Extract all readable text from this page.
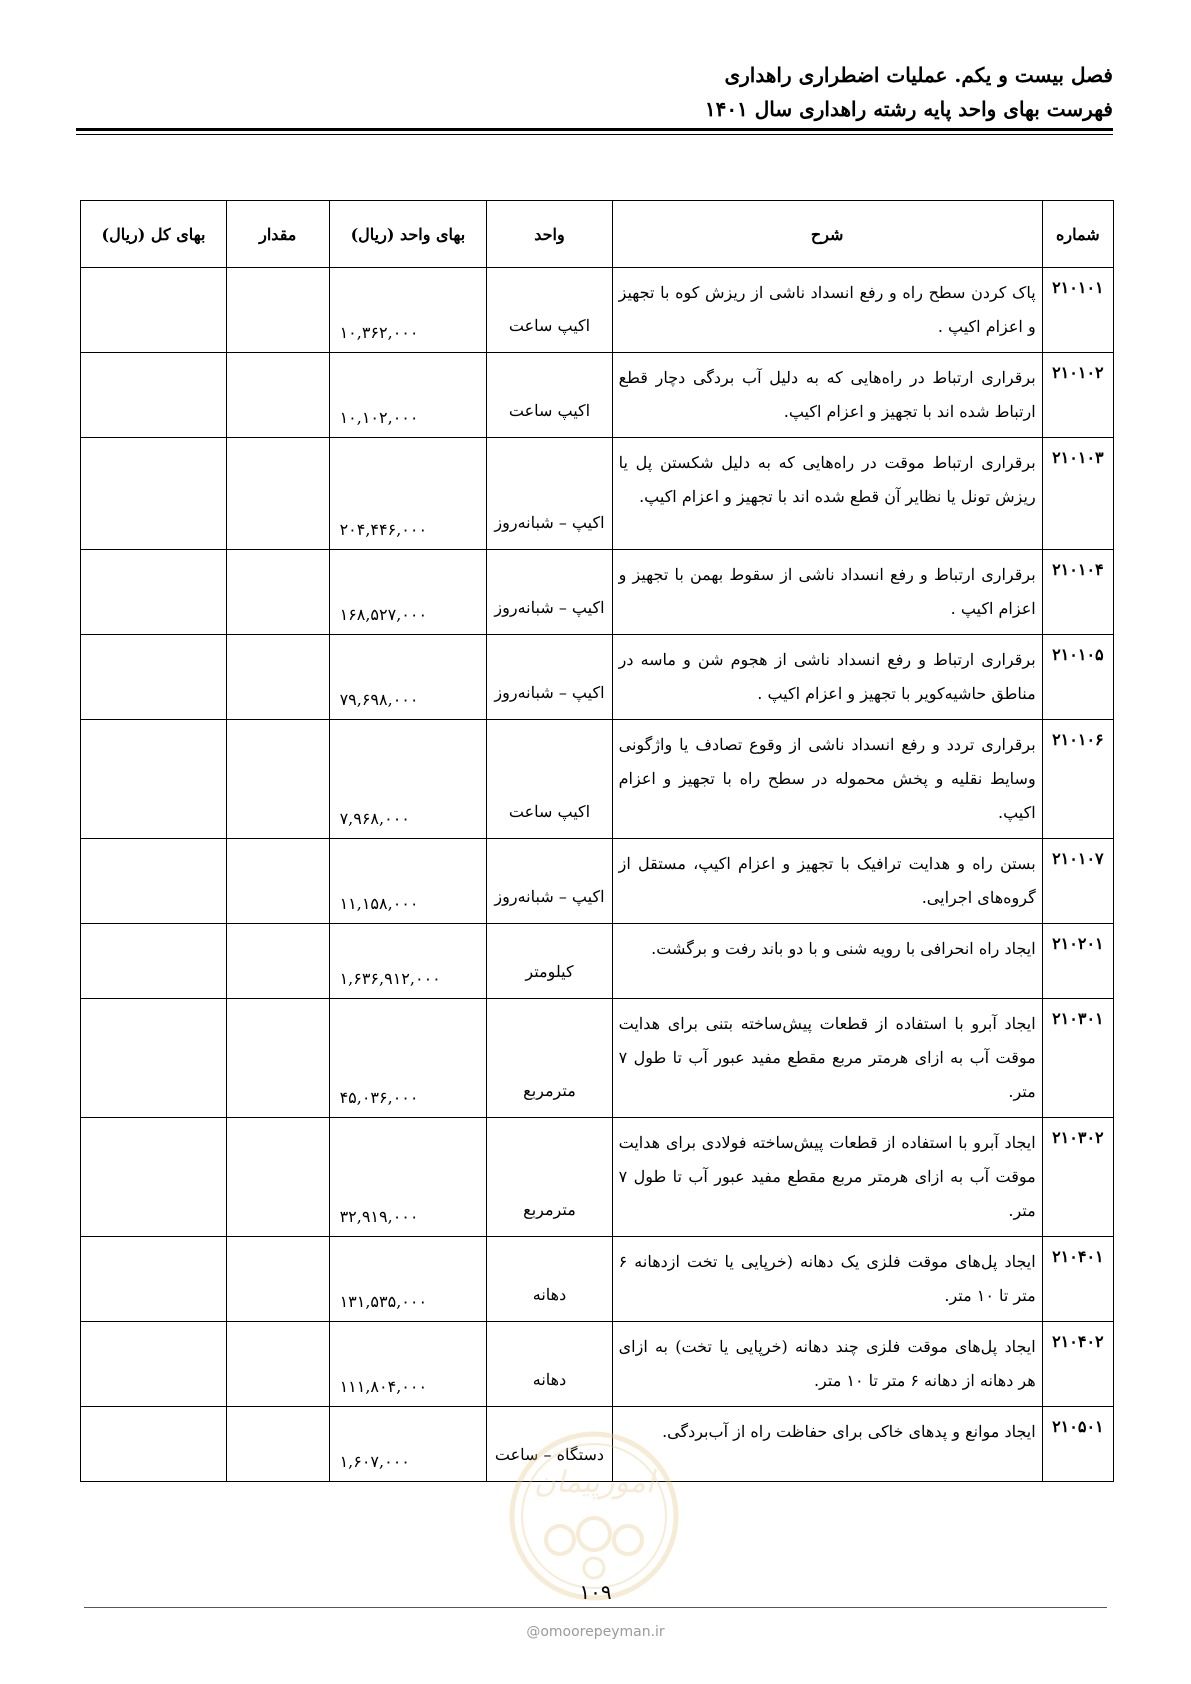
فصل بیست و یکم. عملیات اضطراری راهداری
فهرست بهای واحد پایه رشته راهداری سال ۱۴۰۱
شماره	شرح	واحد	بهای واحد (ریال)	مقدار	بهای کل (ریال)
۲۱۰۱۰۱	پاک کردن سطح راه و رفع انسداد ناشی از ریزش کوه با تجهیز و اعزام اکیپ .	اکیپ ساعت	۱۰,۳۶۲,۰۰۰		
۲۱۰۱۰۲	برقراری ارتباط در راه‌هایی که به دلیل آب بردگی دچار قطع ارتباط شده اند با تجهیز و اعزام اکیپ.	اکیپ ساعت	۱۰,۱۰۲,۰۰۰		
۲۱۰۱۰۳	برقراری ارتباط موقت در راه‌هایی که به دلیل شکستن پل یا ریزش تونل یا نظایر آن قطع شده اند با تجهیز و اعزام اکیپ.	اکیپ – شبانه‌روز	۲۰۴,۴۴۶,۰۰۰		
۲۱۰۱۰۴	برقراری ارتباط و رفع انسداد ناشی از سقوط بهمن با تجهیز و اعزام اکیپ .	اکیپ – شبانه‌روز	۱۶۸,۵۲۷,۰۰۰		
۲۱۰۱۰۵	برقراری ارتباط و رفع انسداد ناشی از هجوم شن و ماسه در مناطق حاشیه‌کویر با تجهیز و اعزام اکیپ .	اکیپ – شبانه‌روز	۷۹,۶۹۸,۰۰۰		
۲۱۰۱۰۶	برقراری تردد و رفع انسداد ناشی از وقوع تصادف یا واژگونی وسایط نقلیه و پخش محموله در سطح راه با تجهیز و اعزام اکیپ.	اکیپ ساعت	۷,۹۶۸,۰۰۰		
۲۱۰۱۰۷	بستن راه و هدایت ترافیک با تجهیز و اعزام اکیپ، مستقل از گروه‌های اجرایی.	اکیپ – شبانه‌روز	۱۱,۱۵۸,۰۰۰		
۲۱۰۲۰۱	ایجاد راه انحرافی با رویه شنی و با دو باند رفت و برگشت.	کیلومتر	۱,۶۳۶,۹۱۲,۰۰۰		
۲۱۰۳۰۱	ایجاد آبرو با استفاده از قطعات پیش‌ساخته بتنی برای هدایت موقت آب به ازای هرمتر مربع مقطع مفید عبور آب تا طول ۷ متر.	مترمربع	۴۵,۰۳۶,۰۰۰		
۲۱۰۳۰۲	ایجاد آبرو با استفاده از قطعات پیش‌ساخته فولادی برای هدایت موقت آب به ازای هرمتر مربع مقطع مفید عبور آب تا طول ۷ متر.	مترمربع	۳۲,۹۱۹,۰۰۰		
۲۱۰۴۰۱	ایجاد پل‌های موقت فلزی یک دهانه (خرپایی یا تخت ازدهانه ۶ متر تا ۱۰ متر.	دهانه	۱۳۱,۵۳۵,۰۰۰		
۲۱۰۴۰۲	ایجاد پل‌های موقت فلزی چند دهانه (خرپایی یا تخت) به ازای هر دهانه از دهانه ۶ متر تا ۱۰ متر.	دهانه	۱۱۱,۸۰۴,۰۰۰		
۲۱۰۵۰۱	ایجاد موانع و پدهای خاکی برای حفاظت راه از آب‌بردگی.	دستگاه – ساعت	۱,۶۰۷,۰۰۰		
امورپیمان
۱۰۹
@omoorepeyman.ir
